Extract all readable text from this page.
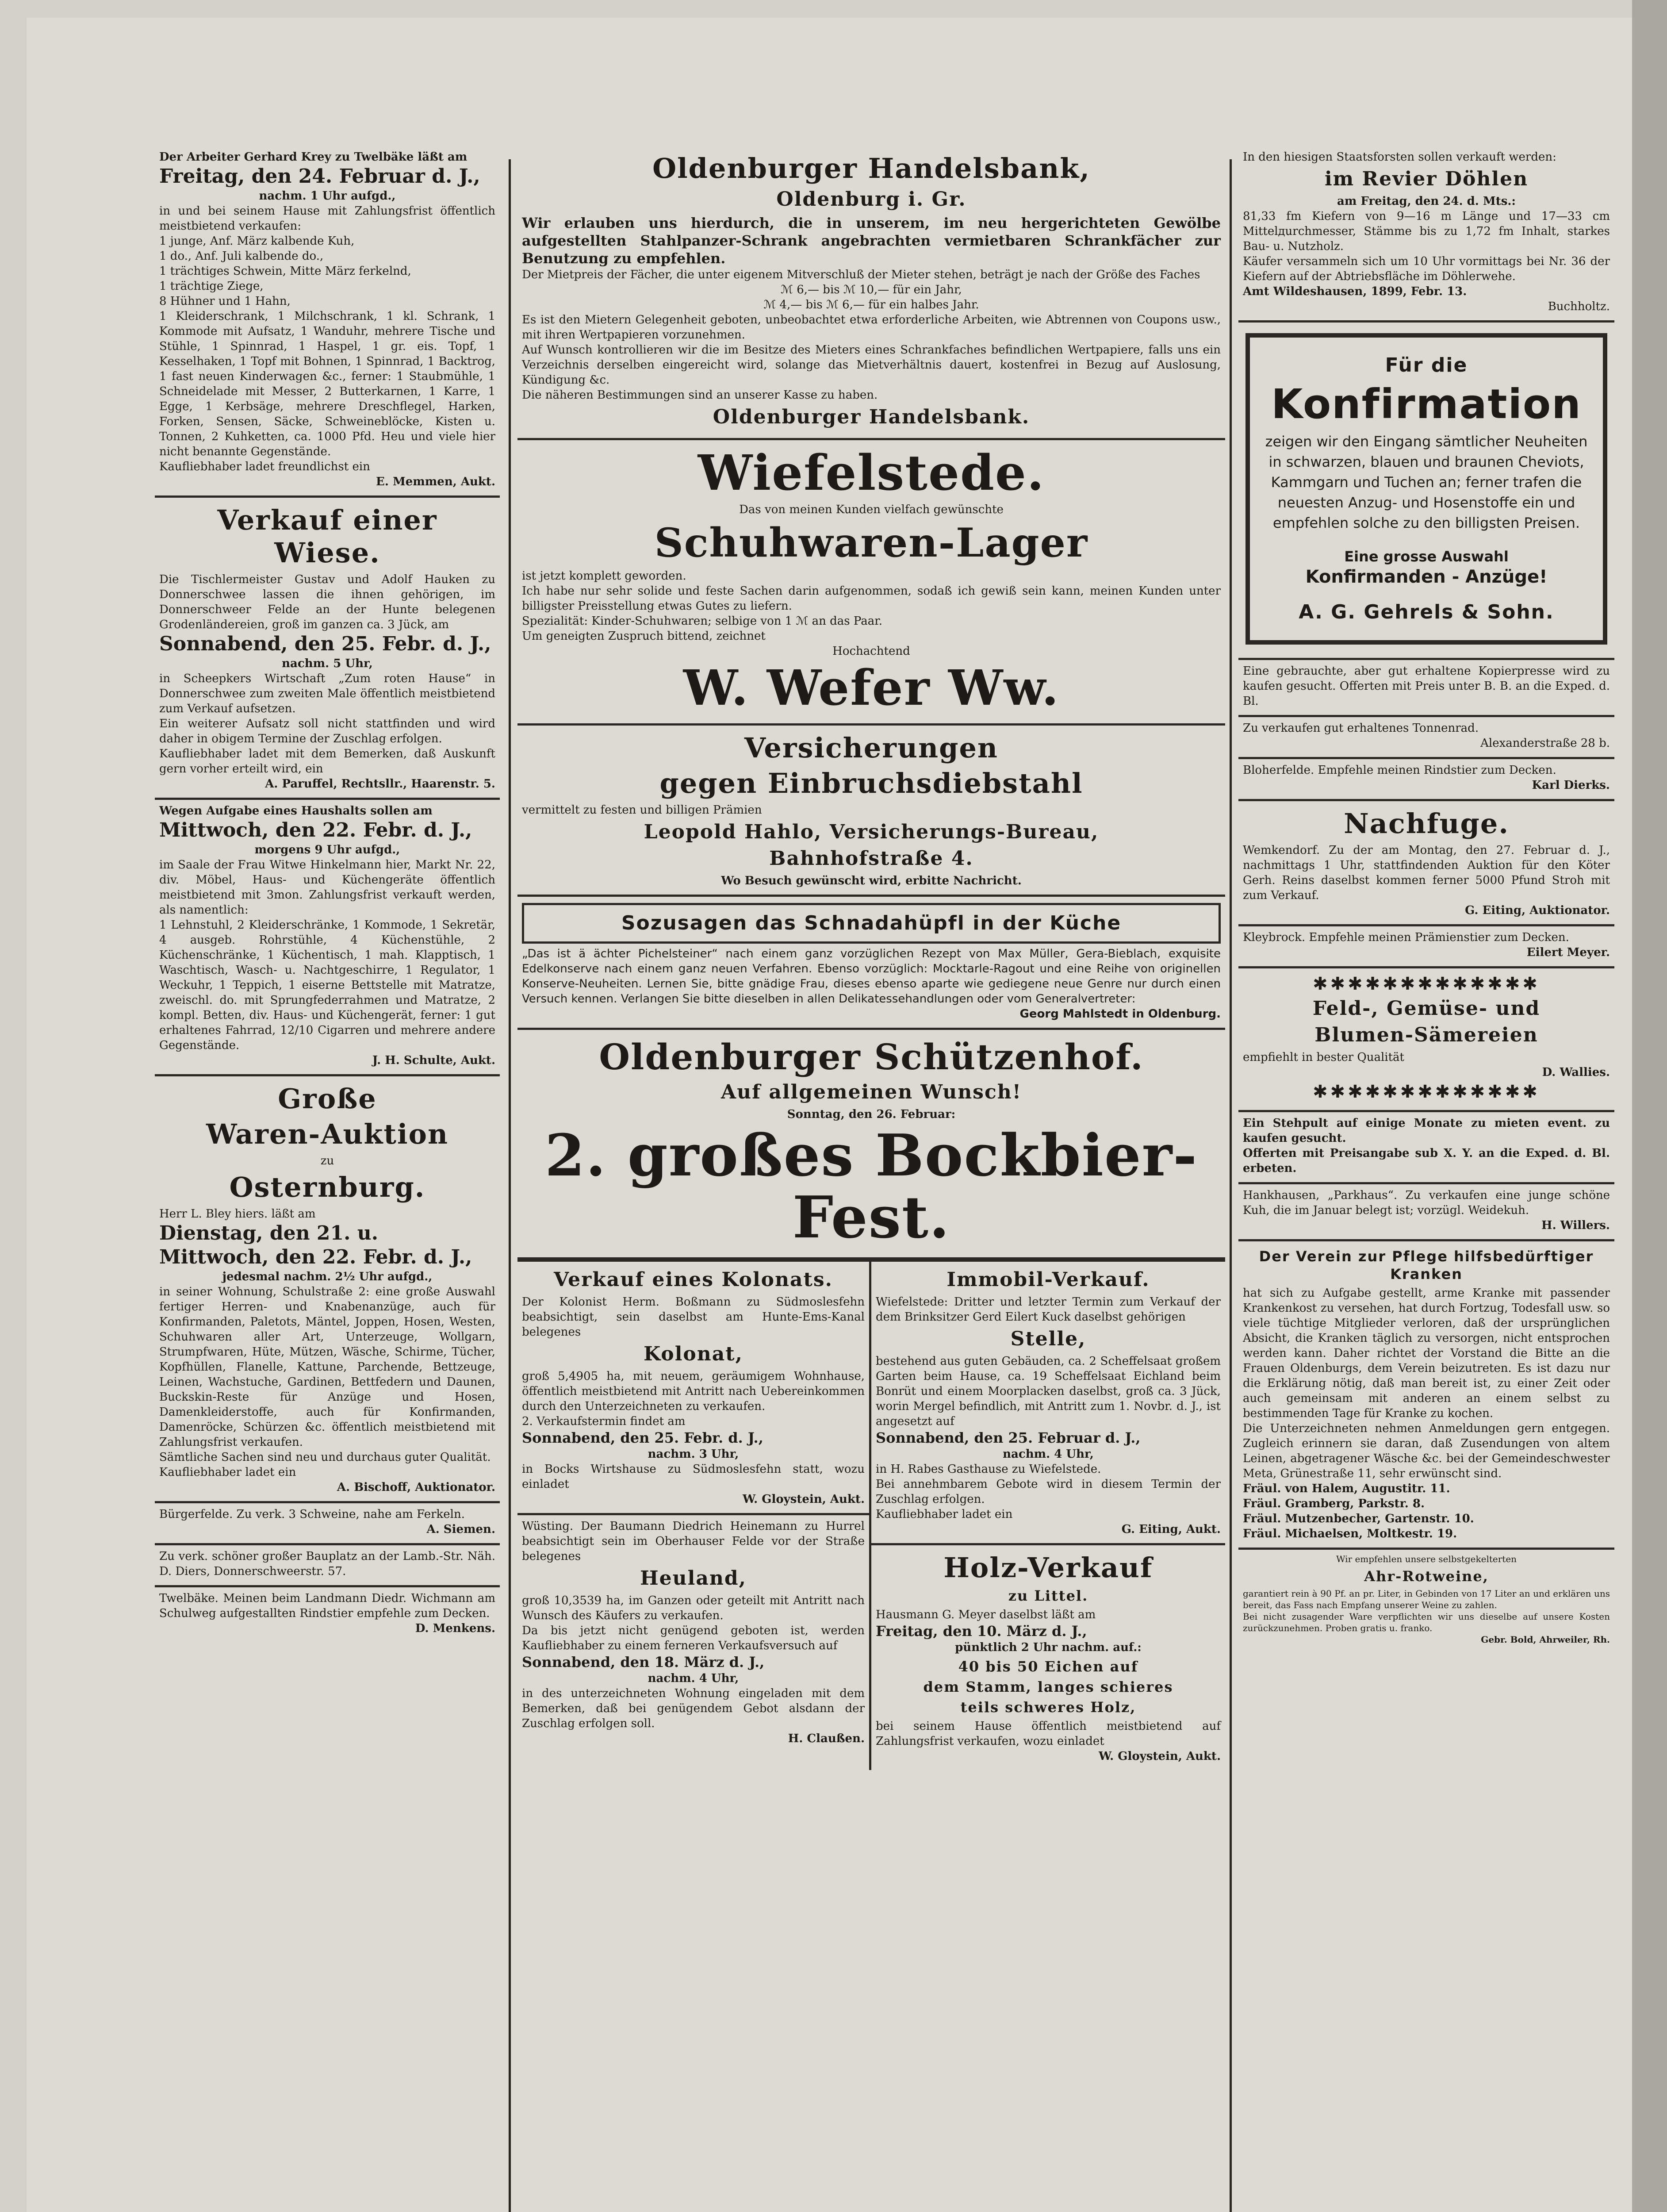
Der Arbeiter Gerhard Krey zu Twelbäke läßt am

Freitag, den 24. Februar d. J.,

nachm. 1 Uhr aufgd.,

in und bei seinem Hause mit Zahlungsfrist öffentlich meistbietend verkaufen:
1 junge, Anf. März kalbende Kuh,
1 do., Anf. Juli kalbende do.,
1 trächtiges Schwein, Mitte März ferkelnd,
1 trächtige Ziege,
8 Hühner und 1 Hahn,
1 Kleiderschrank, 1 Milchschrank, 1 kl. Schrank, 1 Kommode mit Aufsatz, 1 Wanduhr, mehrere Tische und Stühle, 1 Spinnrad, 1 Haspel, 1 gr. eis. Topf, 1 Kesselhaken, 1 Topf mit Bohnen, 1 Spinnrad, 1 Backtrog, 1 fast neuen Kinderwagen &c., ferner: 1 Staubmühle, 1 Schneidelade mit Messer, 2 Butterkarnen, 1 Karre, 1 Egge, 1 Kerbsäge, mehrere Dreschflegel, Harken, Forken, Sensen, Säcke, Schweineblöcke, Kisten u. Tonnen, 2 Kuhketten, ca. 1000 Pfd. Heu und viele hier nicht benannte Gegenstände.
Kaufliebhaber ladet freundlichst ein

E. Memmen, Aukt.

Verkauf einer Wiese.

Die Tischlermeister Gustav und Adolf Hauken zu Donnerschwee lassen die ihnen gehörigen, im Donnerschweer Felde an der Hunte belegenen Grodenländereien, groß im ganzen ca. 3 Jück, am

Sonnabend, den 25. Febr. d. J.,

nachm. 5 Uhr,

in Scheepkers Wirtschaft „Zum roten Hause“ in Donnerschwee zum zweiten Male öffentlich meistbietend zum Verkauf aufsetzen.
Ein weiterer Aufsatz soll nicht stattfinden und wird daher in obigem Termine der Zuschlag erfolgen.
Kaufliebhaber ladet mit dem Bemerken, daß Auskunft gern vorher erteilt wird, ein

A. Paruffel, Rechtsllr., Haarenstr. 5.

Wegen Aufgabe eines Haushalts sollen am

Mittwoch, den 22. Febr. d. J.,

morgens 9 Uhr aufgd.,

im Saale der Frau Witwe Hinkelmann hier, Markt Nr. 22, div. Möbel, Haus- und Küchengeräte öffentlich meistbietend mit 3mon. Zahlungsfrist verkauft werden, als namentlich:
1 Lehnstuhl, 2 Kleiderschränke, 1 Kommode, 1 Sekretär, 4 ausgeb. Rohrstühle, 4 Küchenstühle, 2 Küchenschränke, 1 Küchentisch, 1 mah. Klapptisch, 1 Waschtisch, Wasch- u. Nachtgeschirre, 1 Regulator, 1 Weckuhr, 1 Teppich, 1 eiserne Bettstelle mit Matratze, zweischl. do. mit Sprungfederrahmen und Matratze, 2 kompl. Betten, div. Haus- und Küchengerät, ferner: 1 gut erhaltenes Fahrrad, 12/10 Cigarren und mehrere andere Gegenstände.

J. H. Schulte, Aukt.

Große

Waren-Auktion

zu

Osternburg.

Herr L. Bley hiers. läßt am

Dienstag, den 21. u.

Mittwoch, den 22. Febr. d. J.,

jedesmal nachm. 2½ Uhr aufgd.,

in seiner Wohnung, Schulstraße 2: eine große Auswahl fertiger Herren- und Knabenanzüge, auch für Konfirmanden, Paletots, Mäntel, Joppen, Hosen, Westen, Schuhwaren aller Art, Unterzeuge, Wollgarn, Strumpfwaren, Hüte, Mützen, Wäsche, Schirme, Tücher, Kopfhüllen, Flanelle, Kattune, Parchende, Bettzeuge, Leinen, Wachstuche, Gardinen, Bettfedern und Daunen, Buckskin-Reste für Anzüge und Hosen, Damenkleiderstoffe, auch für Konfirmanden, Damenröcke, Schürzen &c. öffentlich meistbietend mit Zahlungsfrist verkaufen.
Sämtliche Sachen sind neu und durchaus guter Qualität.
Kaufliebhaber ladet ein

A. Bischoff, Auktionator.

Bürgerfelde. Zu verk. 3 Schweine, nahe am Ferkeln.

A. Siemen.

Zu verk. schöner großer Bauplatz an der Lamb.-Str. Näh. D. Diers, Donnerschweerstr. 57.

Twelbäke. Meinen beim Landmann Diedr. Wichmann am Schulweg aufgestallten Rindstier empfehle zum Decken.

D. Menkens.

Oldenburger Handelsbank,

Oldenburg i. Gr.

Wir erlauben uns hierdurch, die in unserem, im neu hergerichteten Gewölbe aufgestellten Stahlpanzer-Schrank angebrachten vermietbaren Schrankfächer zur Benutzung zu empfehlen.

Der Mietpreis der Fächer, die unter eigenem Mitverschluß der Mieter stehen, beträgt je nach der Größe des Faches

ℳ 6,— bis ℳ 10,— für ein Jahr,

ℳ 4,— bis ℳ 6,— für ein halbes Jahr.

Es ist den Mietern Gelegenheit geboten, unbeobachtet etwa erforderliche Arbeiten, wie Abtrennen von Coupons usw., mit ihren Wertpapieren vorzunehmen.
Auf Wunsch kontrollieren wir die im Besitze des Mieters eines Schrankfaches befindlichen Wertpapiere, falls uns ein Verzeichnis derselben eingereicht wird, solange das Mietverhältnis dauert, kostenfrei in Bezug auf Auslosung, Kündigung &c.
Die näheren Bestimmungen sind an unserer Kasse zu haben.

Oldenburger Handelsbank.

Wiefelstede.

Das von meinen Kunden vielfach gewünschte

Schuhwaren-Lager

ist jetzt komplett geworden.
Ich habe nur sehr solide und feste Sachen darin aufgenommen, sodaß ich gewiß sein kann, meinen Kunden unter billigster Preisstellung etwas Gutes zu liefern.
Spezialität: Kinder-Schuhwaren; selbige von 1 ℳ an das Paar.
Um geneigten Zuspruch bittend, zeichnet

Hochachtend

W. Wefer Ww.

Versicherungen

gegen Einbruchsdiebstahl

vermittelt zu festen und billigen Prämien

Leopold Hahlo, Versicherungs-Bureau,

Bahnhofstraße 4.

Wo Besuch gewünscht wird, erbitte Nachricht.

Sozusagen das Schnadahüpfl in der Küche

„Das ist ä ächter Pichelsteiner“ nach einem ganz vorzüglichen Rezept von Max Müller, Gera-Bieblach, exquisite Edelkonserve nach einem ganz neuen Verfahren. Ebenso vorzüglich: Mocktarle-Ragout und eine Reihe von originellen Konserve-Neuheiten. Lernen Sie, bitte gnädige Frau, dieses ebenso aparte wie gediegene neue Genre nur durch einen Versuch kennen. Verlangen Sie bitte dieselben in allen Delikatessehandlungen oder vom Generalvertreter:

Georg Mahlstedt in Oldenburg.

Oldenburger Schützenhof.

Auf allgemeinen Wunsch!

Sonntag, den 26. Februar:

2. großes Bockbier-Fest.

Verkauf eines Kolonats.

Der Kolonist Herm. Boßmann zu Südmoslesfehn beabsichtigt, sein daselbst am Hunte-Ems-Kanal belegenes

Kolonat,

groß 5,4905 ha, mit neuem, geräumigem Wohnhause, öffentlich meistbietend mit Antritt nach Uebereinkommen durch den Unterzeichneten zu verkaufen.
2. Verkaufstermin findet am

Sonnabend, den 25. Febr. d. J.,

nachm. 3 Uhr,

in Bocks Wirtshause zu Südmoslesfehn statt, wozu einladet

W. Gloystein, Aukt.

Wüsting. Der Baumann Diedrich Heinemann zu Hurrel beabsichtigt sein im Oberhauser Felde vor der Straße belegenes

Heuland,

groß 10,3539 ha, im Ganzen oder geteilt mit Antritt nach Wunsch des Käufers zu verkaufen.
Da bis jetzt nicht genügend geboten ist, werden Kaufliebhaber zu einem ferneren Verkaufsversuch auf

Sonnabend, den 18. März d. J.,

nachm. 4 Uhr,

in des unterzeichneten Wohnung eingeladen mit dem Bemerken, daß bei genügendem Gebot alsdann der Zuschlag erfolgen soll.

H. Claußen.

Immobil-Verkauf.

Wiefelstede: Dritter und letzter Termin zum Verkauf der dem Brinksitzer Gerd Eilert Kuck daselbst gehörigen

Stelle,

bestehend aus guten Gebäuden, ca. 2 Scheffelsaat großem Garten beim Hause, ca. 19 Scheffelsaat Eichland beim Bonrüt und einem Moorplacken daselbst, groß ca. 3 Jück, worin Mergel befindlich, mit Antritt zum 1. Novbr. d. J., ist angesetzt auf

Sonnabend, den 25. Februar d. J.,

nachm. 4 Uhr,

in H. Rabes Gasthause zu Wiefelstede.
Bei annehmbarem Gebote wird in diesem Termin der Zuschlag erfolgen.
Kaufliebhaber ladet ein

G. Eiting, Aukt.

Holz-Verkauf

zu Littel.

Hausmann G. Meyer daselbst läßt am

Freitag, den 10. März d. J.,

pünktlich 2 Uhr nachm. auf.:

40 bis 50 Eichen auf

dem Stamm, langes schieres

teils schweres Holz,

bei seinem Hause öffentlich meistbietend auf Zahlungsfrist verkaufen, wozu einladet

W. Gloystein, Aukt.

In den hiesigen Staatsforsten sollen verkauft werden:

im Revier Döhlen

am Freitag, den 24. d. Mts.:

81,33 fm Kiefern von 9—16 m Länge und 17—33 cm Mittelдurchmesser, Stämme bis zu 1,72 fm Inhalt, starkes Bau- u. Nutzholz.
Käufer versammeln sich um 10 Uhr vormittags bei Nr. 36 der Kiefern auf der Abtriebsfläche im Döhlerwehe.

Amt Wildeshausen, 1899, Febr. 13.

Buchholtz.

Für die

Konfirmation

zeigen wir den Eingang sämtlicher Neuheiten in schwarzen, blauen und braunen Cheviots, Kammgarn und Tuchen an; ferner trafen die neuesten Anzug- und Hosenstoffe ein und empfehlen solche zu den billigsten Preisen.

Eine grosse Auswahl

Konfirmanden - Anzüge!

A. G. Gehrels & Sohn.

Eine gebrauchte, aber gut erhaltene Kopierpresse wird zu kaufen gesucht. Offerten mit Preis unter B. B. an die Exped. d. Bl.

Zu verkaufen gut erhaltenes Tonnenrad.

Alexanderstraße 28 b.

Bloherfelde. Empfehle meinen Rindstier zum Decken.

Karl Dierks.

Nachfuge.

Wemkendorf. Zu der am Montag, den 27. Februar d. J., nachmittags 1 Uhr, stattfindenden Auktion für den Köter Gerh. Reins daselbst kommen ferner 5000 Pfund Stroh mit zum Verkauf.

G. Eiting, Auktionator.

Kleybrock. Empfehle meinen Prämienstier zum Decken.

Eilert Meyer.

✱✱✱✱✱✱✱✱✱✱✱✱✱

Feld-, Gemüse- und

Blumen-Sämereien

empfiehlt in bester Qualität

D. Wallies.

✱✱✱✱✱✱✱✱✱✱✱✱✱

Ein Stehpult auf einige Monate zu mieten event. zu kaufen gesucht.
Offerten mit Preisangabe sub X. Y. an die Exped. d. Bl. erbeten.

Hankhausen, „Parkhaus“. Zu verkaufen eine junge schöne Kuh, die im Januar belegt ist; vorzügl. Weidekuh.

H. Willers.

Der Verein zur Pflege hilfsbedürftiger Kranken

hat sich zu Aufgabe gestellt, arme Kranke mit passender Krankenkost zu versehen, hat durch Fortzug, Todesfall usw. so viele tüchtige Mitglieder verloren, daß der ursprünglichen Absicht, die Kranken täglich zu versorgen, nicht entsprochen werden kann. Daher richtet der Vorstand die Bitte an die Frauen Oldenburgs, dem Verein beizutreten. Es ist dazu nur die Erklärung nötig, daß man bereit ist, zu einer Zeit oder auch gemeinsam mit anderen an einem selbst zu bestimmenden Tage für Kranke zu kochen.
Die Unterzeichneten nehmen Anmeldungen gern entgegen. Zugleich erinnern sie daran, daß Zusendungen von altem Leinen, abgetragener Wäsche &c. bei der Gemeindeschwester Meta, Grünestraße 11, sehr erwünscht sind.

Fräul. von Halem, Augustitr. 11.

Fräul. Gramberg, Parkstr. 8.

Fräul. Mutzenbecher, Gartenstr. 10.

Fräul. Michaelsen, Moltkestr. 19.

Wir empfehlen unsere selbstgekelterten

Ahr-Rotweine,

garantiert rein à 90 Pf. an pr. Liter, in Gebinden von 17 Liter an und erklären uns bereit, das Fass nach Empfang unserer Weine zu zahlen.
Bei nicht zusagender Ware verpflichten wir uns dieselbe auf unsere Kosten zurückzunehmen. Proben gratis u. franko.

Gebr. Bold, Ahrweiler, Rh.
